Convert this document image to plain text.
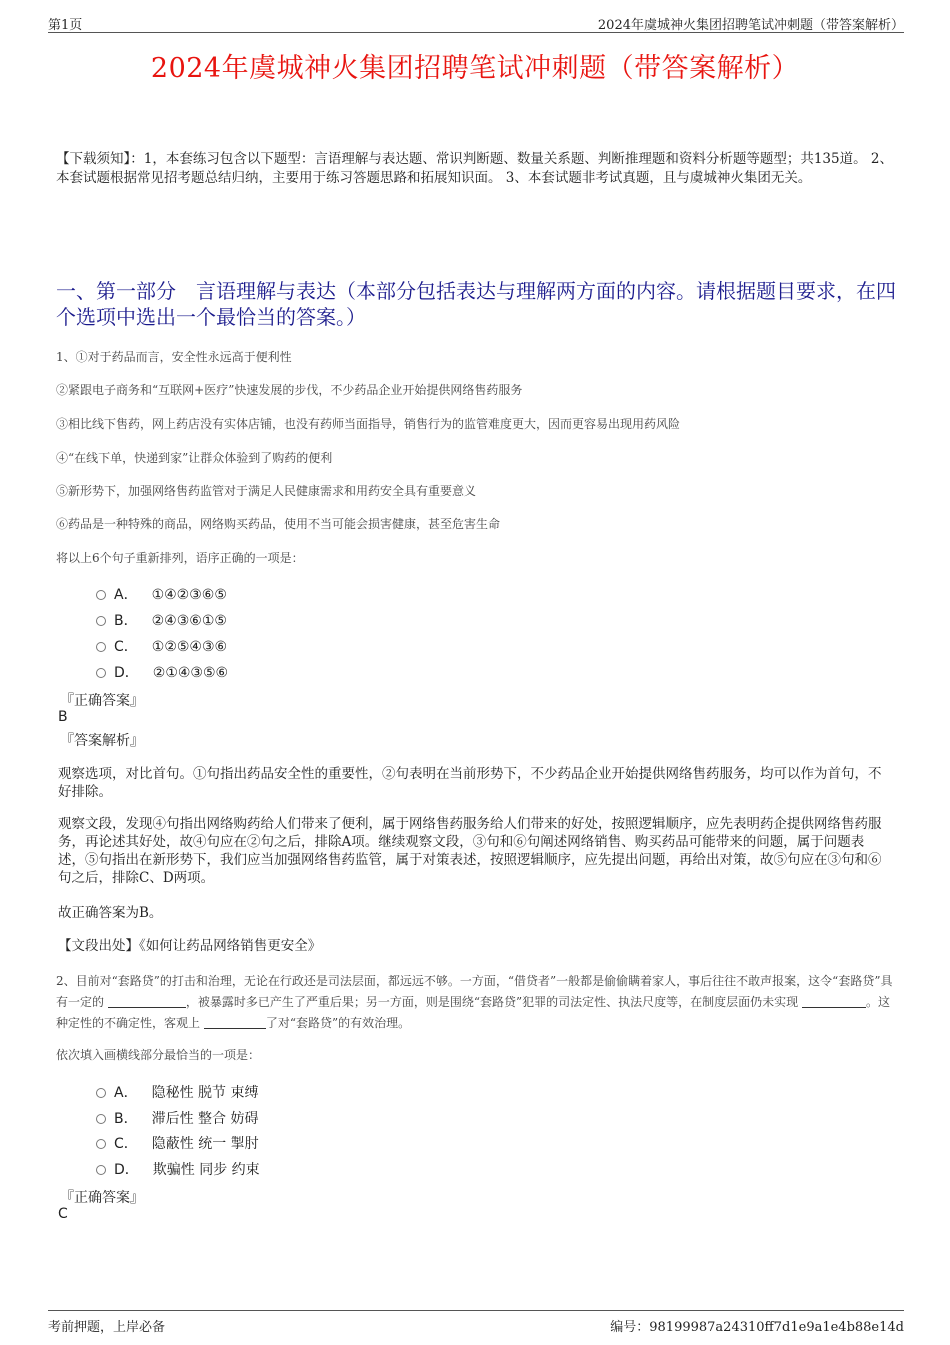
第1页	2024年虞城神火集团招聘笔试冲刺题（带答案解析）
2024年虞城神火集团招聘笔试冲刺题（带答案解析）
【下载须知】：1，本套练习包含以下题型：言语理解与表达题、常识判断题、数量关系题、判断推理题和资料分析题等题型；共135道。 2、本套试题根据常见招考题总结归纳，主要用于练习答题思路和拓展知识面。 3、本套试题非考试真题，且与虞城神火集团无关。
一、第一部分　言语理解与表达（本部分包括表达与理解两方面的内容。请根据题目要求，在四个选项中选出一个最恰当的答案。）
1、①对于药品而言，安全性永远高于便利性
②紧跟电子商务和“互联网+医疗”快速发展的步伐，不少药品企业开始提供网络售药服务
③相比线下售药，网上药店没有实体店铺，也没有药师当面指导，销售行为的监管难度更大，因而更容易出现用药风险
④“在线下单，快递到家”让群众体验到了购药的便利
⑤新形势下，加强网络售药监管对于满足人民健康需求和用药安全具有重要意义
⑥药品是一种特殊的商品，网络购买药品，使用不当可能会损害健康，甚至危害生命
将以上6个句子重新排列，语序正确的一项是：
A． ①④②③⑥⑤
B． ②④③⑥①⑤
C． ①②⑤④③⑥
D． ②①④③⑤⑥
『正确答案』
B
『答案解析』
观察选项，对比首句。①句指出药品安全性的重要性，②句表明在当前形势下，不少药品企业开始提供网络售药服务，均可以作为首句，不好排除。
观察文段，发现④句指出网络购药给人们带来了便利，属于网络售药服务给人们带来的好处，按照逻辑顺序，应先表明药企提供网络售药服务，再论述其好处，故④句应在②句之后，排除A项。继续观察文段，③句和⑥句阐述网络销售、购买药品可能带来的问题，属于问题表述，⑤句指出在新形势下，我们应当加强网络售药监管，属于对策表述，按照逻辑顺序，应先提出问题，再给出对策，故⑤句应在③句和⑥句之后，排除C、D两项。
故正确答案为B。
【文段出处】《如何让药品网络销售更安全》
2、目前对“套路贷”的打击和治理，无论在行政还是司法层面，都远远不够。一方面，“借贷者”一般都是偷偷瞒着家人，事后往往不敢声报案，这令“套路贷”具有一定的	，被暴露时多已产生了严重后果；另一方面，则是围绕“套路贷”犯罪的司法定性、执法尺度等，在制度层面仍未实现	。这种定性的不确定性，客观上	了对“套路贷”的有效治理。
依次填入画横线部分最恰当的一项是：
A． 隐秘性 脱节 束缚
B． 滞后性 整合 妨碍
C． 隐蔽性 统一 掣肘
D． 欺骗性 同步 约束
『正确答案』
C
考前押题，上岸必备	编号：98199987a24310ff7d1e9a1e4b88e14d
